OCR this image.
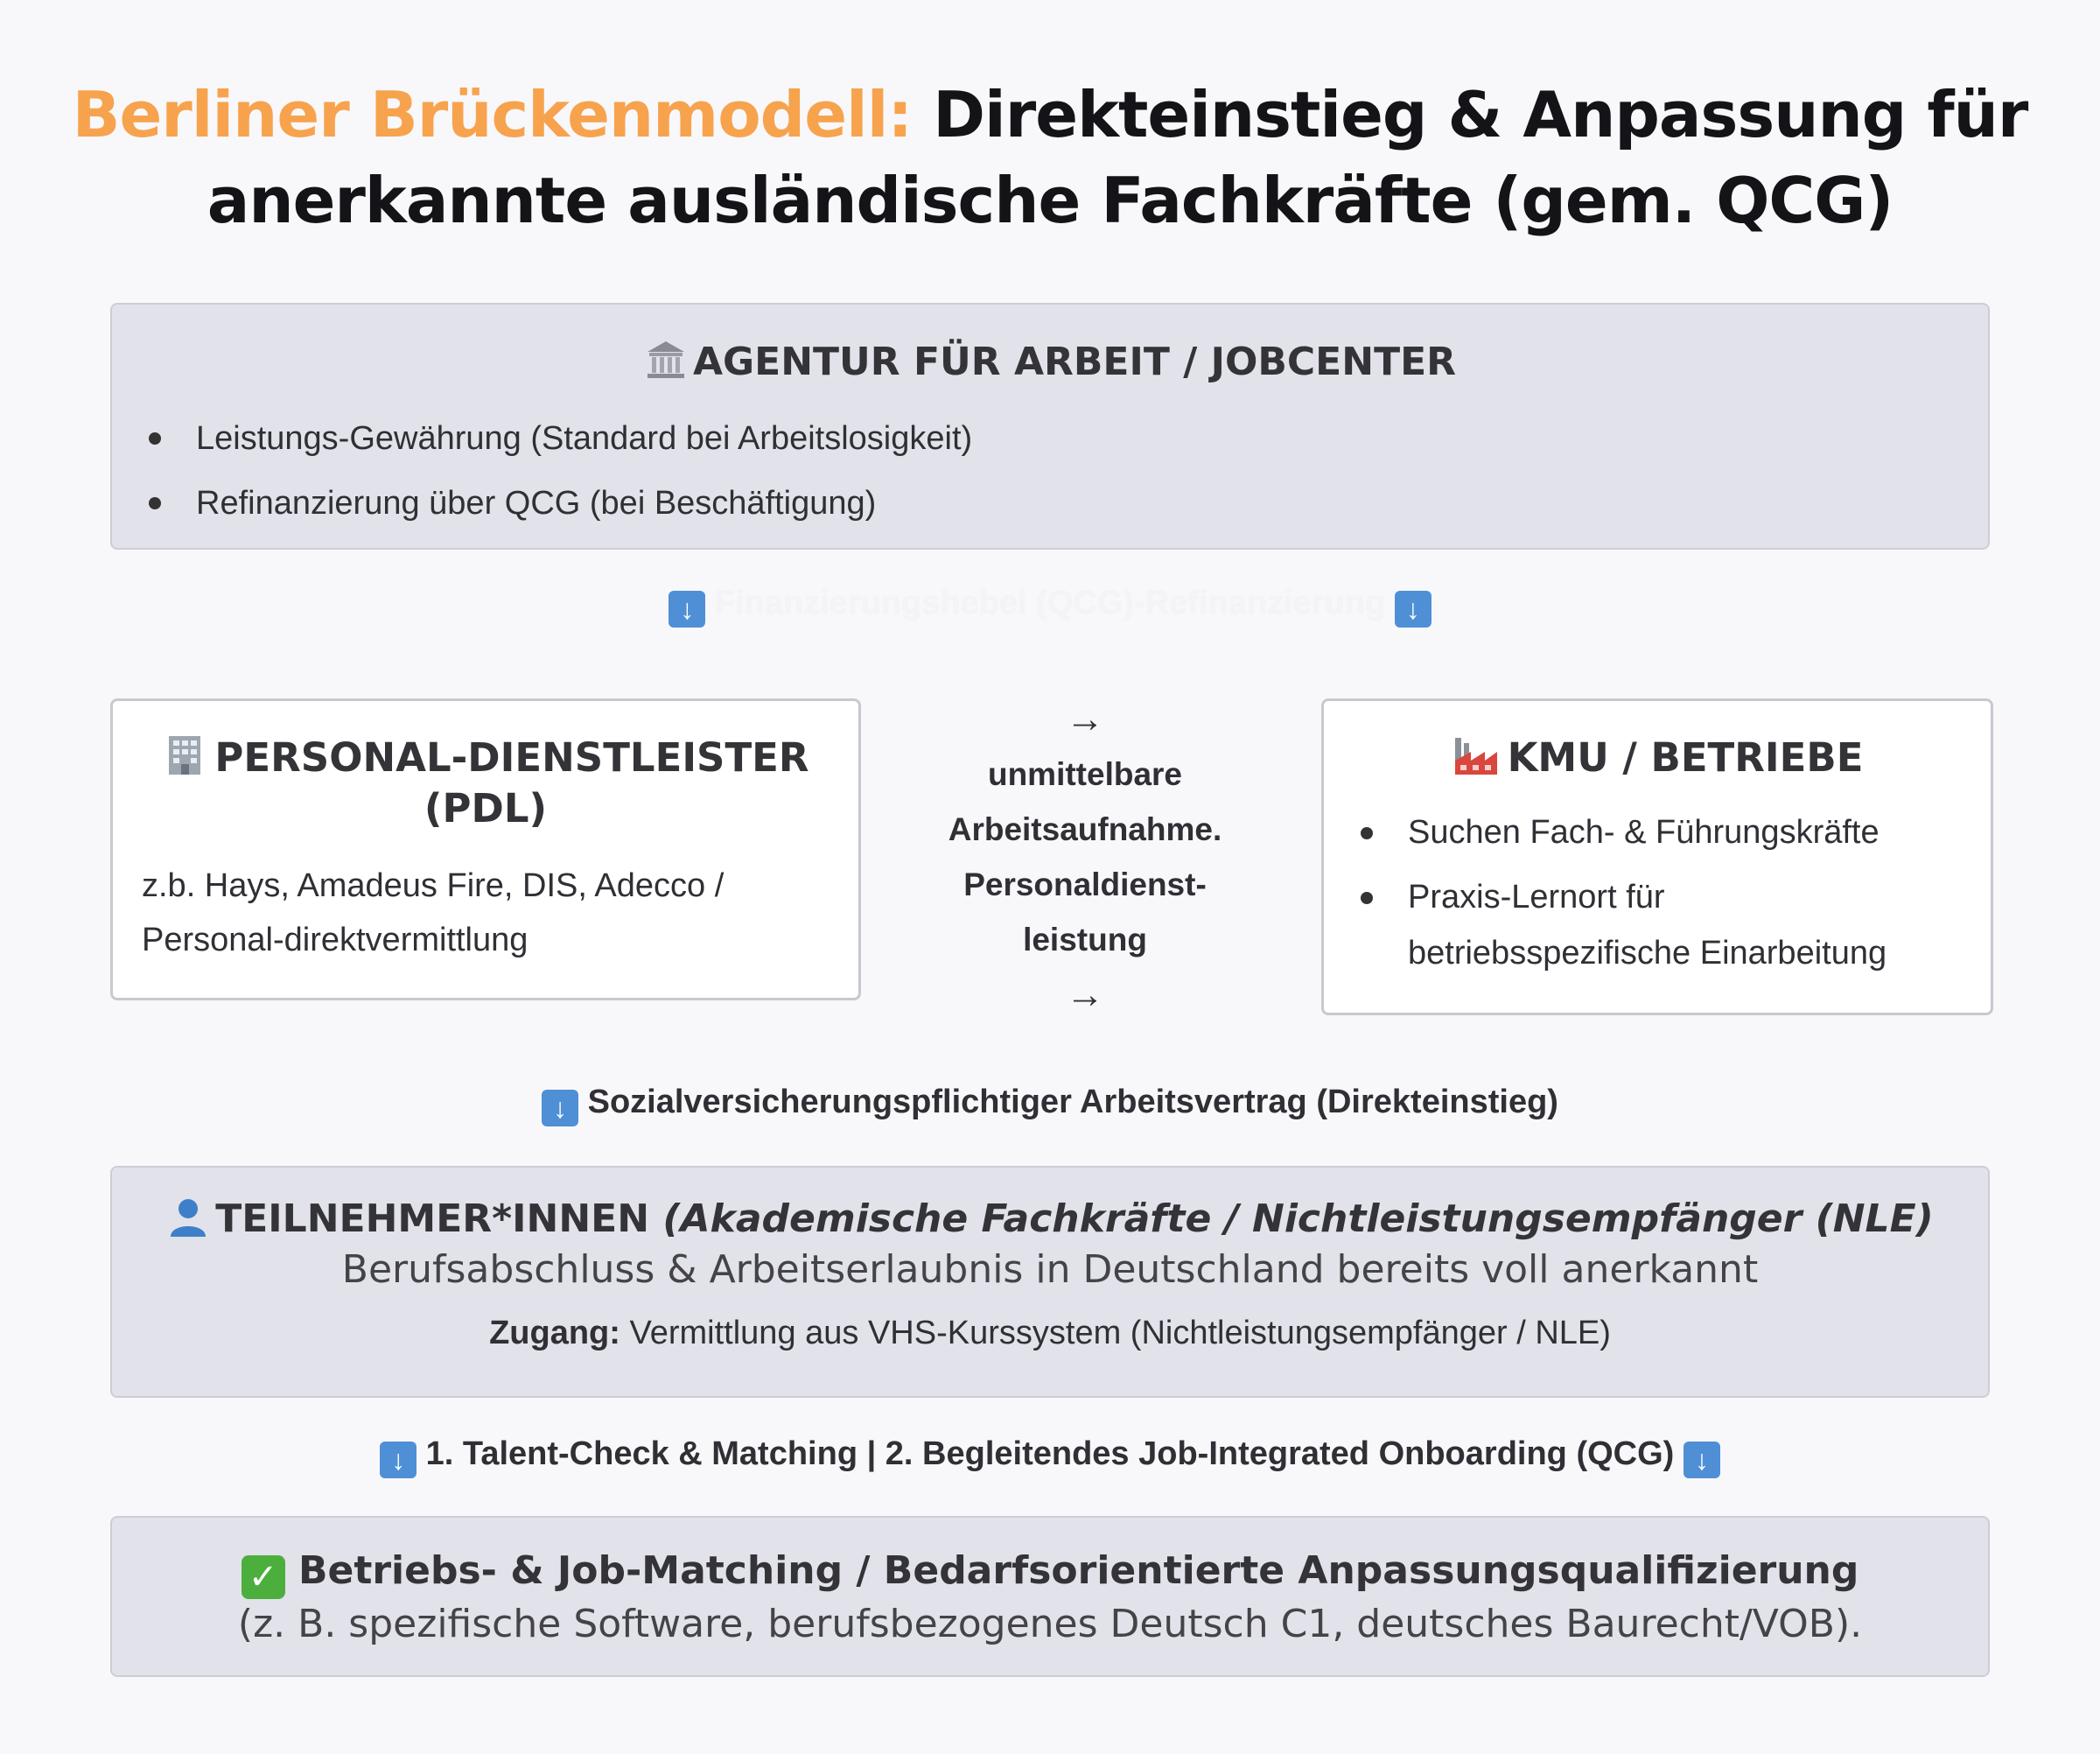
Berliner Brückenmodell: Direkteinstieg & Anpassung für
anerkannte ausländische Fachkräfte (gem. QCG)
AGENTUR FÜR ARBEIT / JOBCENTER
Leistungs-Gewährung (Standard bei Arbeitslosigkeit)
Refinanzierung über QCG (bei Beschäftigung)
↓ Finanzierungshebel (QCG)-Refinanzierung ↓
PERSONAL-DIENSTLEISTER
(PDL)
z.b. Hays, Amadeus Fire, DIS, Adecco /
Personal-direktvermittlung
→
unmittelbare
Arbeitsaufnahme.
Personaldienst-
leistung
→
KMU / BETRIEBE
Suchen Fach- & Führungskräfte
Praxis-Lernort für
betriebsspezifische Einarbeitung
↓ Sozialversicherungspflichtiger Arbeitsvertrag (Direkteinstieg)
TEILNEHMER*INNEN (Akademische Fachkräfte / Nichtleistungsempfänger (NLE)
Berufsabschluss & Arbeitserlaubnis in Deutschland bereits voll anerkannt
Zugang: Vermittlung aus VHS-Kurssystem (Nichtleistungsempfänger / NLE)
↓ 1. Talent-Check & Matching | 2. Begleitendes Job-Integrated Onboarding (QCG) ↓
✓ Betriebs- & Job-Matching / Bedarfsorientierte Anpassungsqualifizierung
(z. B. spezifische Software, berufsbezogenes Deutsch C1, deutsches Baurecht/VOB).
